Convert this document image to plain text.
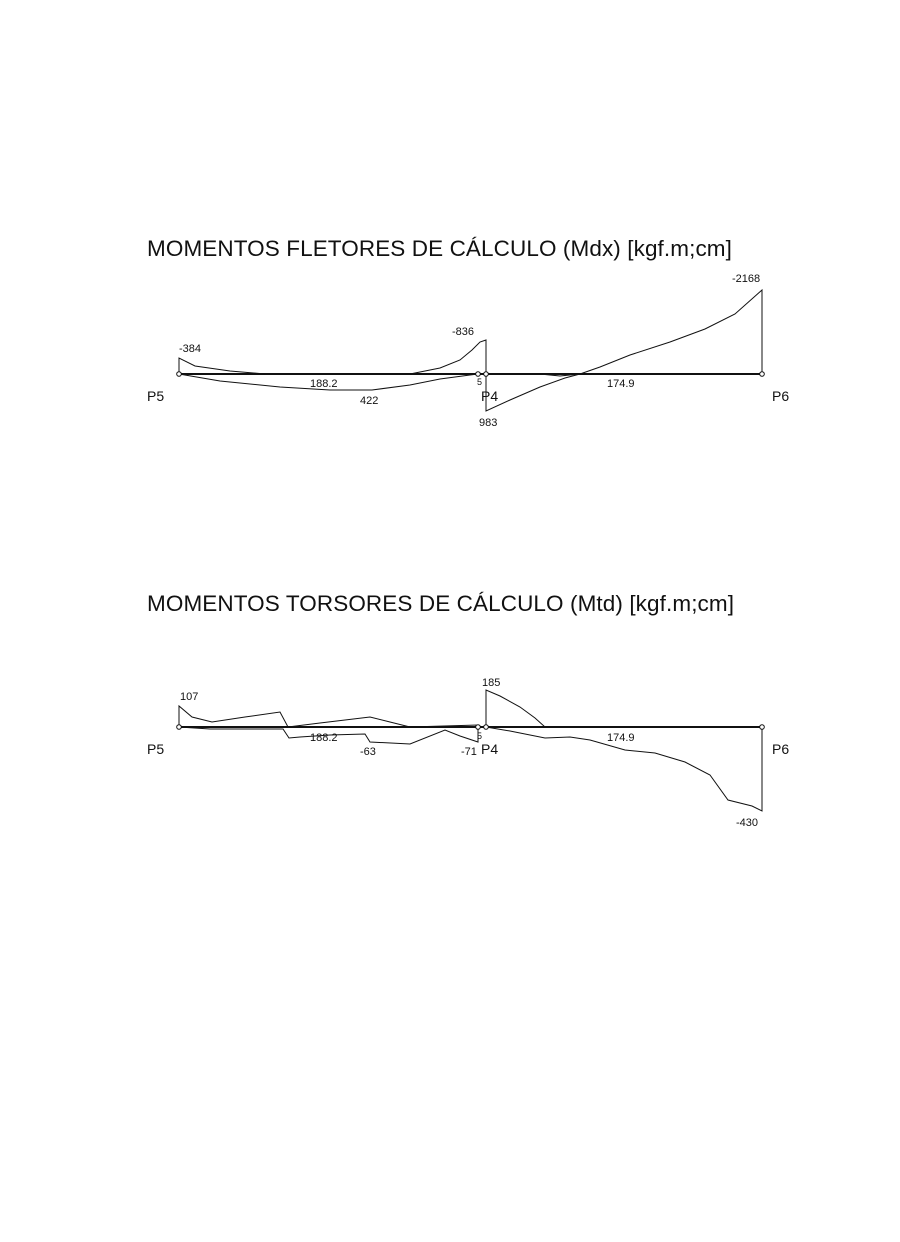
MOMENTOS FLETORES DE CÁLCULO (Mdx) [kgf.m;cm]
P5	P4	P6
188.2	174.9
-384
422
-836
983
-2168
5
MOMENTOS TORSORES DE CÁLCULO (Mtd) [kgf.m;cm]
P5	P4	P6
188.2	174.9
107
-63	-71
185
-430
5
